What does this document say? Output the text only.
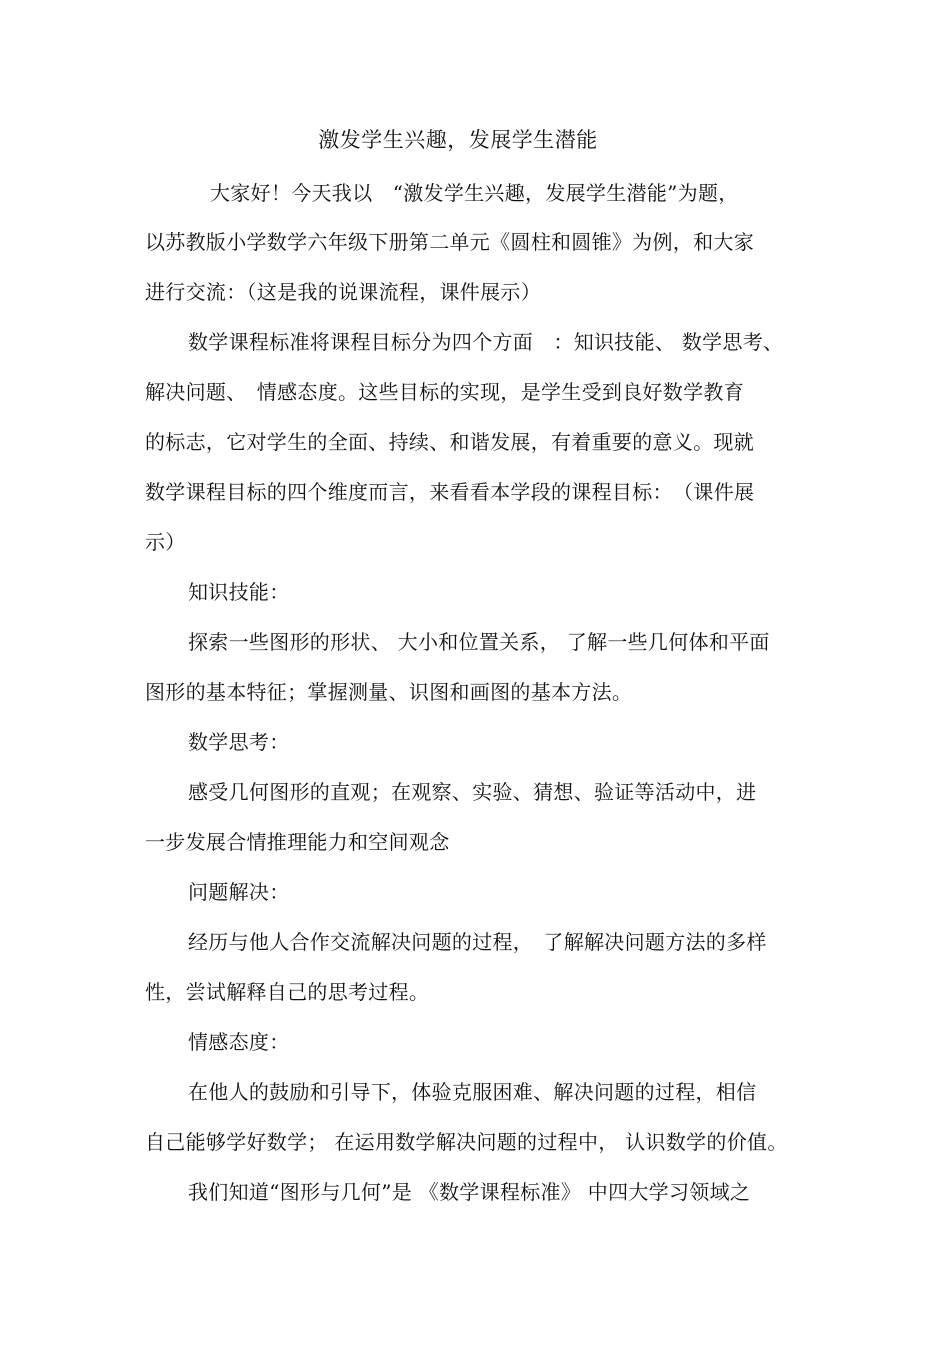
激发学生兴趣，发展学生潜能
大家好！今天我以　“激发学生兴趣，发展学生潜能”为题，
以苏教版小学数学六年级下册第二单元《圆柱和圆锥》为例，和大家
进行交流：（这是我的说课流程，课件展示）
数学课程标准将课程目标分为四个方面　：知识技能、 数学思考、
解决问题、　情感态度。这些目标的实现，是学生受到良好数学教育
的标志，它对学生的全面、持续、和谐发展，有着重要的意义。现就
数学课程目标的四个维度而言，来看看本学段的课程目标：　（课件展
示）
知识技能：
探索一些图形的形状、 大小和位置关系， 了解一些几何体和平面
图形的基本特征；掌握测量、识图和画图的基本方法。
数学思考：
感受几何图形的直观；在观察、实验、猜想、验证等活动中，进
一步发展合情推理能力和空间观念
问题解决：
经历与他人合作交流解决问题的过程，　了解解决问题方法的多样
性，尝试解释自己的思考过程。
情感态度：
在他人的鼓励和引导下，体验克服困难、解决问题的过程，相信
自己能够学好数学； 在运用数学解决问题的过程中， 认识数学的价值。
我们知道“图形与几何”是 《数学课程标准》 中四大学习领域之
